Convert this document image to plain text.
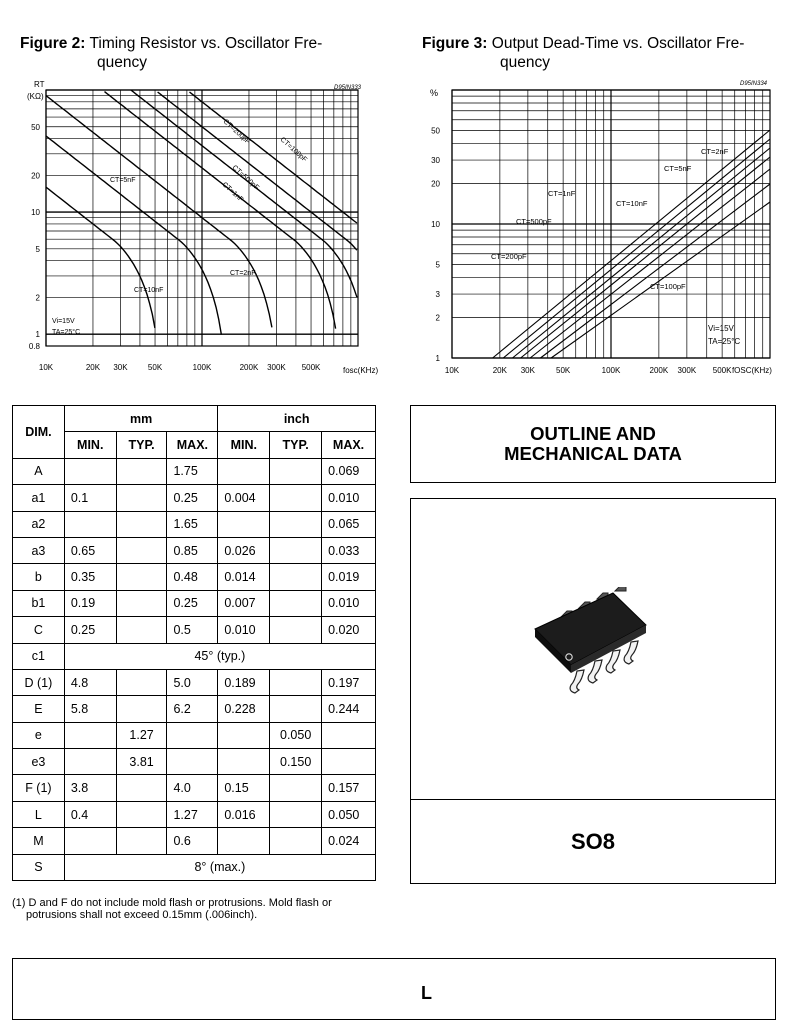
Figure 2: Timing Resistor vs. Oscillator Fre-
quency
RT
(KΩ)
D95IN333
50
20
10
5
2
1
0.8
10K	20K 30K	50K	100K	200K 300K 500K	fosc(KHz)
CT=200pF
CT=100pF
CT=500pF
CT=1nF
CT=5nF
CT=2nF
CT=10nF
Vi=15V
TA=25°C
Figure 3: Output Dead-Time vs. Oscillator Fre-
quency
%
D95IN334
50
30
20
10
5
3
2
1
10K	20K 30K	50K	100K	200K 300K 500K fOSC(KHz)
CT=2nF
CT=5nF
CT=1nF
CT=10nF
CT=500pF
CT=200pF
CT=100pF
Vi=15V
TA=25°C
DIM.	mm			inch		
	MIN.	TYP.	MAX.	MIN.	TYP.	MAX.
A			1.75			0.069
a1	0.1		0.25	0.004		0.010
a2			1.65			0.065
a3	0.65		0.85	0.026		0.033
b	0.35		0.48	0.014		0.019
b1	0.19		0.25	0.007		0.010
C	0.25		0.5	0.010		0.020
c1	45° (typ.)					
D (1)	4.8		5.0	0.189		0.197
E	5.8		6.2	0.228		0.244
e		1.27			0.050	
e3		3.81			0.150	
F (1)	3.8		4.0	0.15		0.157
L	0.4		1.27	0.016		0.050
M			0.6			0.024
S	8° (max.)					
(1) D and F do not include mold flash or protrusions. Mold flash or
potrusions shall not exceed 0.15mm (.006inch).
OUTLINE AND
MECHANICAL DATA
SO8
L
